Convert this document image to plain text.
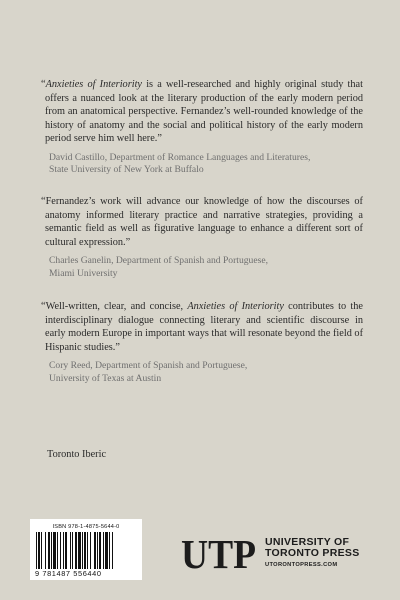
“Anxieties of Interiority is a well-researched and highly original study that offers a nuanced look at the literary production of the early modern period from an anatomical perspective. Fernandez’s well-rounded knowledge of the history of anatomy and the social and political history of the early modern period serve him well here.”

David Castillo, Department of Romance Languages and Literatures,
State University of New York at Buffalo

“Fernandez’s work will advance our knowledge of how the discourses of anatomy informed literary practice and narrative strategies, providing a semantic field as well as figurative language to enhance a different sort of cultural expression.”

Charles Ganelin, Department of Spanish and Portuguese,
Miami University

“Well-written, clear, and concise, Anxieties of Interiority contributes to the interdisciplinary dialogue connecting literary and scientific discourse in early modern Europe in important ways that will resonate beyond the field of Hispanic studies.”

Cory Reed, Department of Spanish and Portuguese,
University of Texas at Austin
Toronto Iberic
ISBN 978-1-4875-5644-0
9 781487 556440	UTP UNIVERSITY OF
TORONTO PRESS
UTORONTOPRESS.COM
